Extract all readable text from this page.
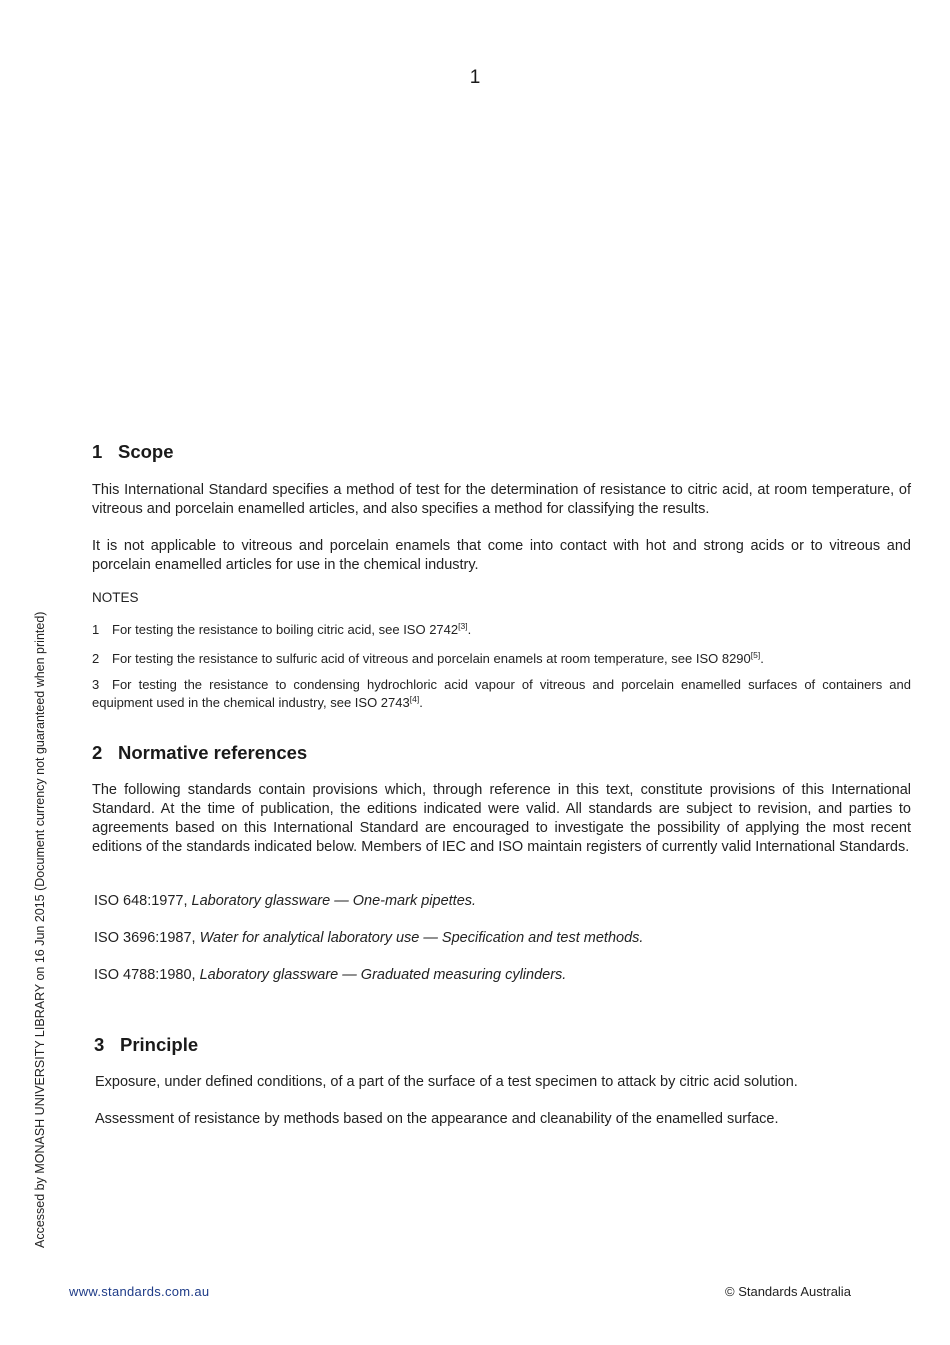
1
Accessed by MONASH UNIVERSITY LIBRARY on 16 Jun 2015 (Document currency not guaranteed when printed)
1 Scope

This International Standard specifies a method of test for the determination of resistance to citric acid, at room temperature, of vitreous and porcelain enamelled articles, and also specifies a method for classifying the results.

It is not applicable to vitreous and porcelain enamels that come into contact with hot and strong acids or to vitreous and porcelain enamelled articles for use in the chemical industry.

NOTES

1 For testing the resistance to boiling citric acid, see ISO 2742[3].

2 For testing the resistance to sulfuric acid of vitreous and porcelain enamels at room temperature, see ISO 8290[5].

3 For testing the resistance to condensing hydrochloric acid vapour of vitreous and porcelain enamelled surfaces of containers and equipment used in the chemical industry, see ISO 2743[4].

2 Normative references

The following standards contain provisions which, through reference in this text, constitute provisions of this International Standard. At the time of publication, the editions indicated were valid. All standards are subject to revision, and parties to agreements based on this International Standard are encouraged to investigate the possibility of applying the most recent editions of the standards indicated below. Members of IEC and ISO maintain registers of currently valid International Standards.

ISO 648:1977, Laboratory glassware — One-mark pipettes.

ISO 3696:1987, Water for analytical laboratory use — Specification and test methods.

ISO 4788:1980, Laboratory glassware — Graduated measuring cylinders.

3 Principle

Exposure, under defined conditions, of a part of the surface of a test specimen to attack by citric acid solution.

Assessment of resistance by methods based on the appearance and cleanability of the enamelled surface.

www.standards.com.au	© Standards Australia
